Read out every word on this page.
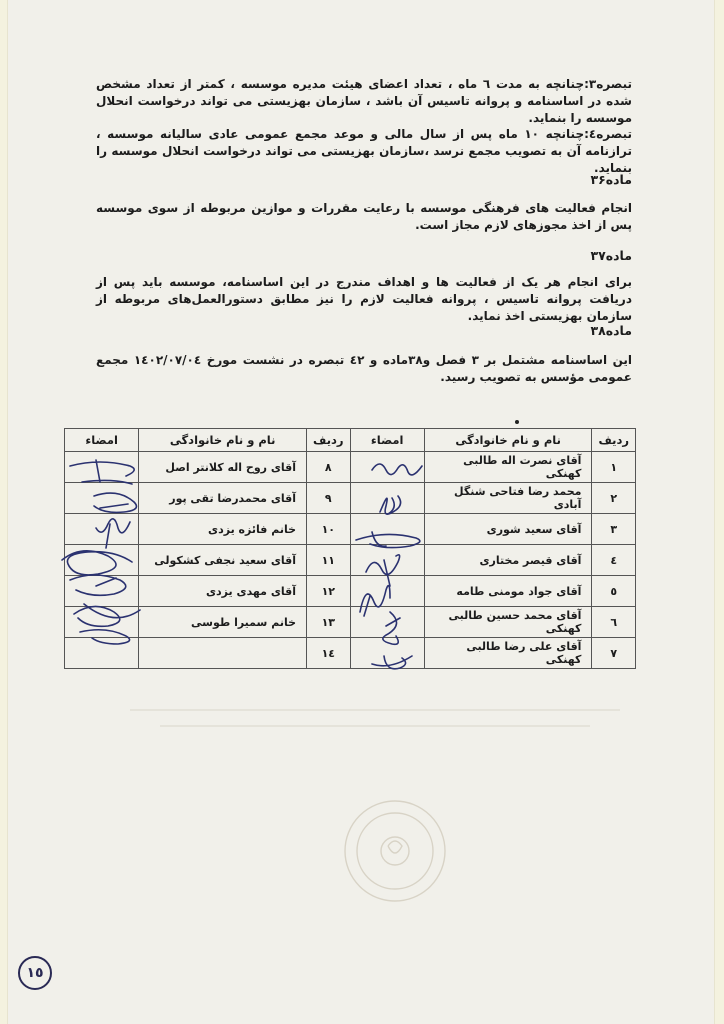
تبصره۳:چنانچه به مدت ٦ ماه ، تعداد اعضای هیئت مدیره موسسه ، کمتر از تعداد مشخص شده در اساسنامه و پروانه تاسیس آن باشد ، سازمان بهزیستی می تواند درخواست انحلال موسسه را بنماید.
تبصره٤:چنانچه ١٠ ماه پس از سال مالی و موعد مجمع عمومی عادی سالیانه موسسه ، ترازنامه آن به تصویب مجمع نرسد ،سازمان بهزیستی می تواند درخواست انحلال موسسه را بنماید.
ماده۳۶
انجام فعالیت های فرهنگی موسسه با رعایت مقررات و موازین مربوطه از سوی موسسه پس از اخذ مجوزهای لازم مجاز است.
ماده۳۷
برای انجام هر یک از فعالیت ها و اهداف مندرج در این اساسنامه، موسسه باید پس از دریافت پروانه تاسیس ، پروانه فعالیت لازم را نیز مطابق دستورالعمل‌های مربوطه از سازمان بهزیستی اخذ نماید.
ماده۳۸
این اساسنامه مشتمل بر ۳ فصل و۳۸ماده و ٤۲ تبصره در نشست مورخ ١٤٠٢/٠٧/٠٤ مجمع عمومی مؤسس به تصویب رسید.
ردیف	نام و نام خانوادگی	امضاء	ردیف	نام و نام خانوادگی	امضاء
١	آقای نصرت اله طالبی کهنکی		٨	آقای روح اله کلانتر اصل	
۲	محمد رضا فتاحی شنگل آبادی		۹	آقای محمدرضا تقی پور	
۳	آقای سعید شوری		١٠	خانم فائزه یزدی	
٤	آقای قیصر مختاری		١١	آقای سعید نجفی کشکولی	
٥	آقای جواد مومنی طامه		١۲	آقای مهدی یزدی	
٦	آقای محمد حسین طالبی کهنکی		١۳	خانم سمیرا طوسی	
۷	آقای علی رضا طالبی کهنکی		١٤		
١٥
